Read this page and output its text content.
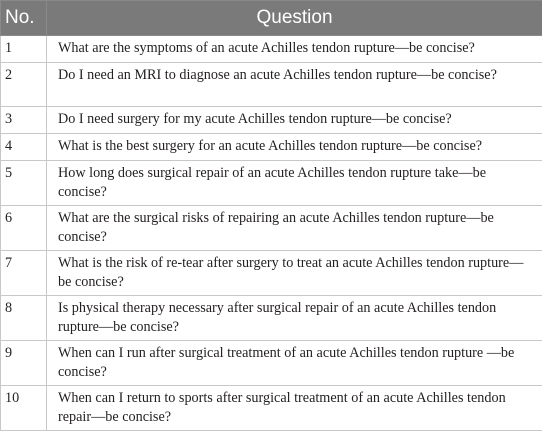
No.	Question
1	What are the symptoms of an acute Achilles tendon rupture—be concise?
2	Do I need an MRI to diagnose an acute Achilles tendon rupture—be concise?
3	Do I need surgery for my acute Achilles tendon rupture—be concise?
4	What is the best surgery for an acute Achilles tendon rupture—be concise?
5	How long does surgical repair of an acute Achilles tendon rupture take—be concise?
6	What are the surgical risks of repairing an acute Achilles tendon rupture—be concise?
7	What is the risk of re-tear after surgery to treat an acute Achilles tendon rupture—be concise?
8	Is physical therapy necessary after surgical repair of an acute Achilles tendon rupture—be concise?
9	When can I run after surgical treatment of an acute Achilles tendon rupture —be concise?
10	When can I return to sports after surgical treatment of an acute Achilles tendon repair—be concise?
